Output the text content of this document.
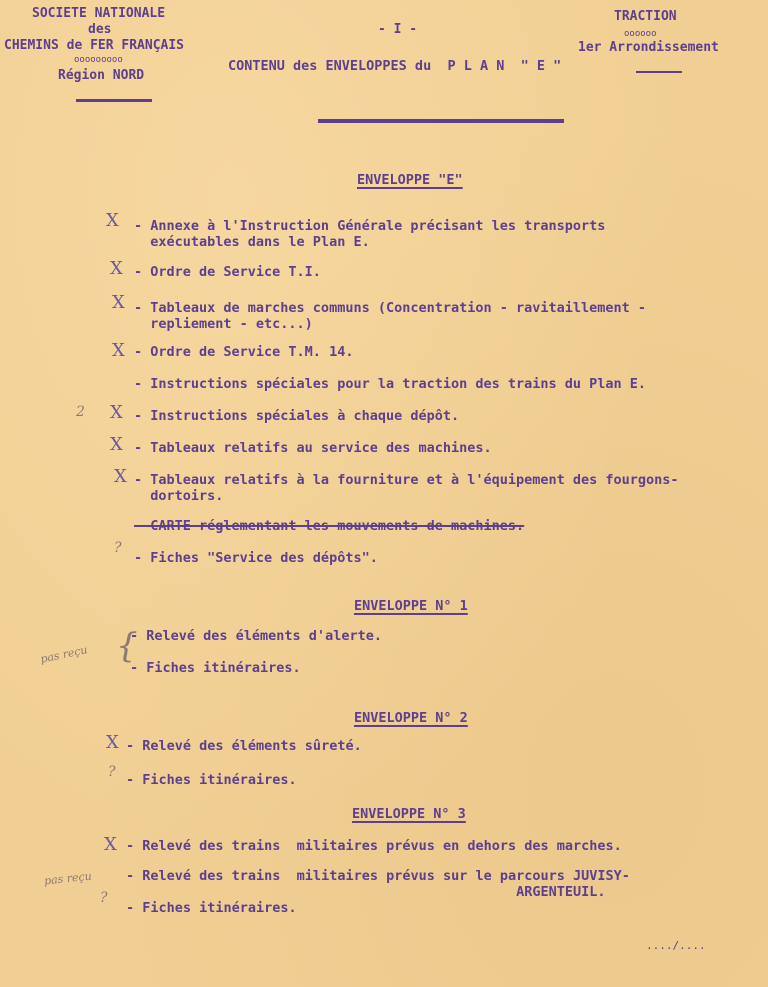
SOCIETE NATIONALE
des
CHEMINS de FER FRANÇAIS
ooooooooo
Région NORD
- I -
TRACTION
oooooo
1er Arrondissement
CONTENU des ENVELOPPES du  P L A N  " E "
ENVELOPPE "E"
X - Annexe à l'Instruction Générale précisant les transports
exécutables dans le Plan E.
X - Ordre de Service T.I.
X - Tableaux de marches communs (Concentration - ravitaillement -
repliement - etc...)
X - Ordre de Service T.M. 14.
- Instructions spéciales pour la traction des trains du Plan E.
2 X - Instructions spéciales à chaque dépôt.
X - Tableaux relatifs au service des machines.
X - Tableaux relatifs à la fourniture et à l'équipement des fourgons-
dortoirs.
- CARTE réglementant les mouvements de machines.
?
- Fiches "Service des dépôts".
ENVELOPPE N° 1
pas reçu {
- Relevé des éléments d'alerte.
- Fiches itinéraires.
ENVELOPPE N° 2
X - Relevé des éléments sûreté.
? - Fiches itinéraires.
ENVELOPPE N° 3
X - Relevé des trains  militaires prévus en dehors des marches.
pas reçu - Relevé des trains  militaires prévus sur le parcours JUVISY-
ARGENTEUIL.
?
- Fiches itinéraires.
..../....
